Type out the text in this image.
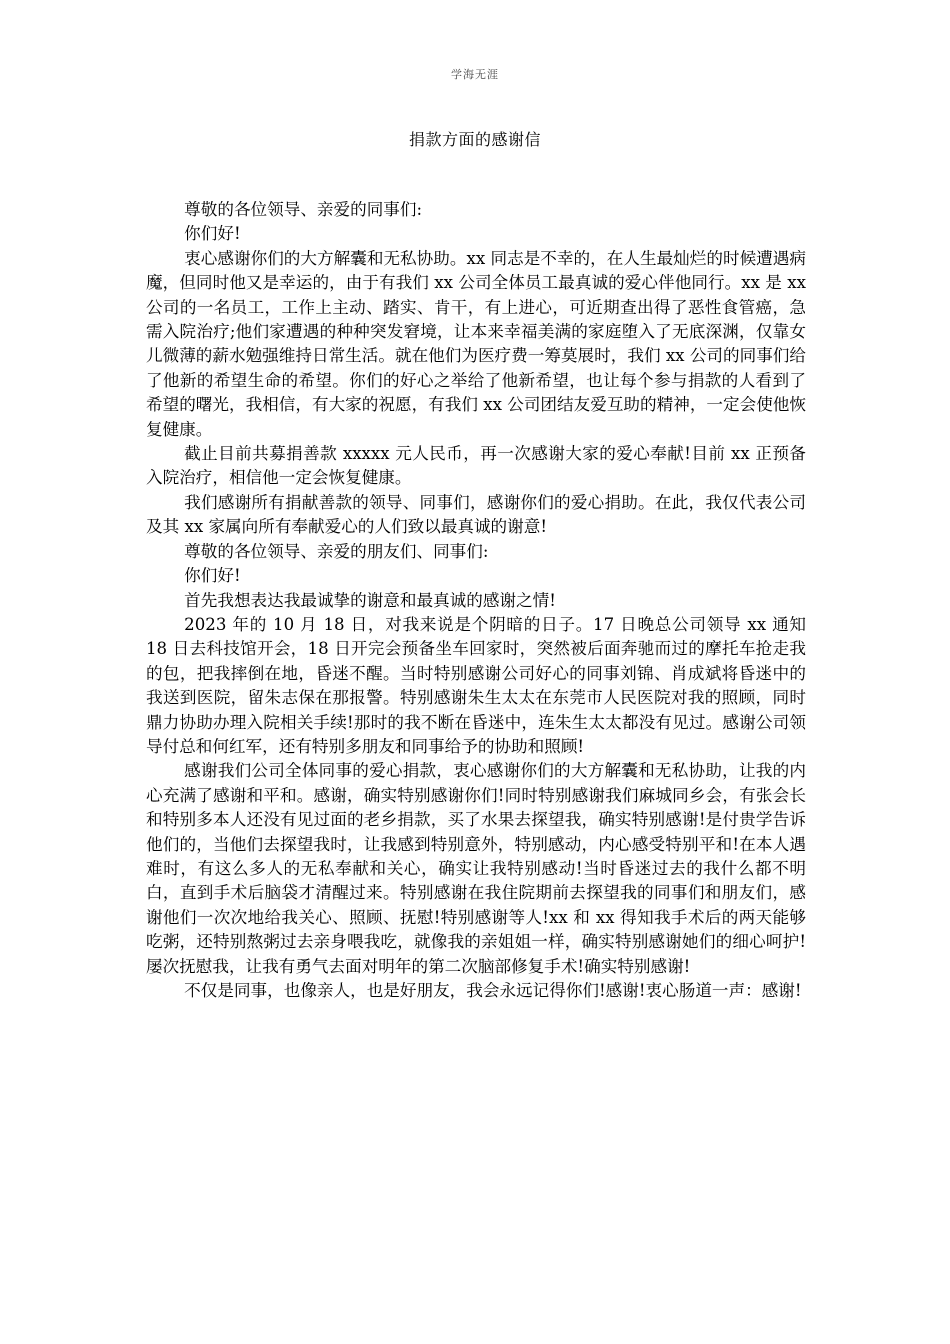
学海无涯
捐款方面的感谢信

尊敬的各位领导、亲爱的同事们:

你们好!

衷心感谢你们的大方解囊和无私协助。xx 同志是不幸的，在人生最灿烂的时候遭遇病魔，但同时他又是幸运的，由于有我们 xx 公司全体员工最真诚的爱心伴他同行。xx 是 xx 公司的一名员工，工作上主动、踏实、肯干，有上进心，可近期查出得了恶性食管癌，急需入院治疗;他们家遭遇的种种突发窘境，让本来幸福美满的家庭堕入了无底深渊，仅靠女儿微薄的薪水勉强维持日常生活。就在他们为医疗费一筹莫展时，我们 xx 公司的同事们给了他新的希望生命的希望。你们的好心之举给了他新希望，也让每个参与捐款的人看到了希望的曙光，我相信，有大家的祝愿，有我们 xx 公司团结友爱互助的精神，一定会使他恢复健康。

截止目前共募捐善款 xxxxx 元人民币，再一次感谢大家的爱心奉献!目前 xx 正预备入院治疗，相信他一定会恢复健康。

我们感谢所有捐献善款的领导、同事们，感谢你们的爱心捐助。在此，我仅代表公司及其 xx 家属向所有奉献爱心的人们致以最真诚的谢意!

尊敬的各位领导、亲爱的朋友们、同事们:

你们好!

首先我想表达我最诚挚的谢意和最真诚的感谢之情!

2023 年的 10 月 18 日，对我来说是个阴暗的日子。17 日晚总公司领导 xx 通知 18 日去科技馆开会，18 日开完会预备坐车回家时，突然被后面奔驰而过的摩托车抢走我的包，把我摔倒在地，昏迷不醒。当时特别感谢公司好心的同事刘锦、肖成斌将昏迷中的我送到医院，留朱志保在那报警。特别感谢朱生太太在东莞市人民医院对我的照顾，同时鼎力协助办理入院相关手续!那时的我不断在昏迷中，连朱生太太都没有见过。感谢公司领导付总和何红军，还有特别多朋友和同事给予的协助和照顾!

感谢我们公司全体同事的爱心捐款，衷心感谢你们的大方解囊和无私协助，让我的内心充满了感谢和平和。感谢，确实特别感谢你们!同时特别感谢我们麻城同乡会，有张会长和特别多本人还没有见过面的老乡捐款，买了水果去探望我，确实特别感谢!是付贵学告诉他们的，当他们去探望我时，让我感到特别意外，特别感动，内心感受特别平和!在本人遇难时，有这么多人的无私奉献和关心，确实让我特别感动!当时昏迷过去的我什么都不明白，直到手术后脑袋才清醒过来。特别感谢在我住院期前去探望我的同事们和朋友们，感谢他们一次次地给我关心、照顾、抚慰!特别感谢等人!xx 和 xx 得知我手术后的两天能够吃粥，还特别熬粥过去亲身喂我吃，就像我的亲姐姐一样，确实特别感谢她们的细心呵护!屡次抚慰我，让我有勇气去面对明年的第二次脑部修复手术!确实特别感谢!

不仅是同事，也像亲人，也是好朋友，我会永远记得你们!感谢!衷心肠道一声：感谢!
